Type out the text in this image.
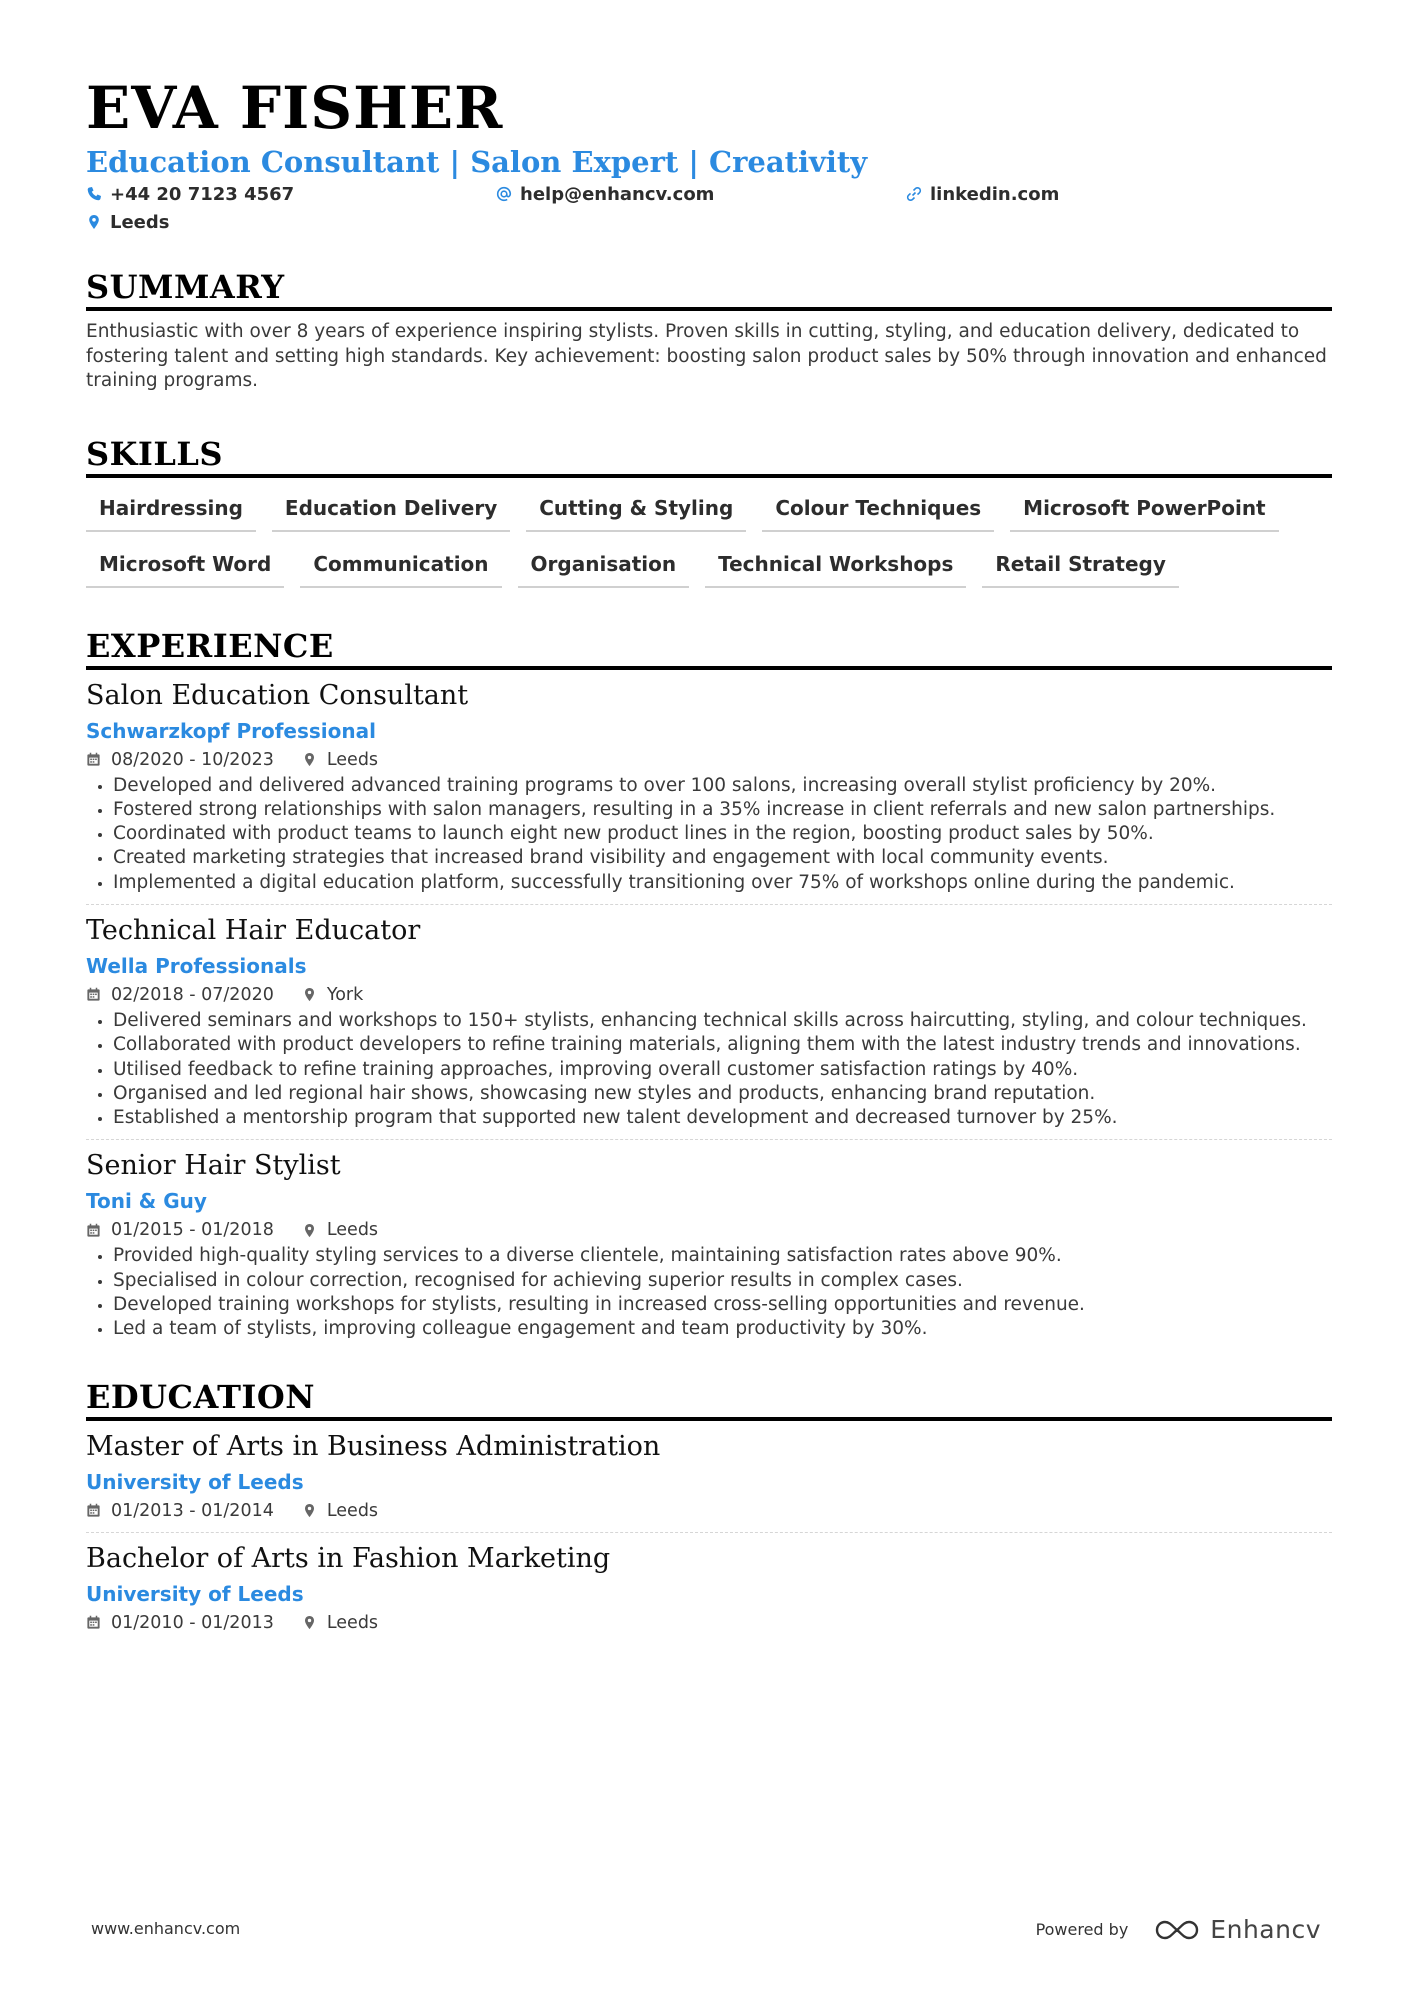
EVA FISHER
Education Consultant | Salon Expert | Creativity
+44 20 7123 4567	help@enhancv.com	linkedin.com
Leeds
SUMMARY
Enthusiastic with over 8 years of experience inspiring stylists. Proven skills in cutting, styling, and education delivery, dedicated to fostering talent and setting high standards. Key achievement: boosting salon product sales by 50% through innovation and enhanced training programs.
SKILLS
Hairdressing	Education Delivery	Cutting & Styling	Colour Techniques	Microsoft PowerPoint
Microsoft Word	Communication	Organisation	Technical Workshops	Retail Strategy
EXPERIENCE
Salon Education Consultant
Schwarzkopf Professional
08/2020 - 10/2023	Leeds
• Developed and delivered advanced training programs to over 100 salons, increasing overall stylist proficiency by 20%.
• Fostered strong relationships with salon managers, resulting in a 35% increase in client referrals and new salon partnerships.
• Coordinated with product teams to launch eight new product lines in the region, boosting product sales by 50%.
• Created marketing strategies that increased brand visibility and engagement with local community events.
• Implemented a digital education platform, successfully transitioning over 75% of workshops online during the pandemic.
Technical Hair Educator
Wella Professionals
02/2018 - 07/2020	York
• Delivered seminars and workshops to 150+ stylists, enhancing technical skills across haircutting, styling, and colour techniques.
• Collaborated with product developers to refine training materials, aligning them with the latest industry trends and innovations.
• Utilised feedback to refine training approaches, improving overall customer satisfaction ratings by 40%.
• Organised and led regional hair shows, showcasing new styles and products, enhancing brand reputation.
• Established a mentorship program that supported new talent development and decreased turnover by 25%.
Senior Hair Stylist
Toni & Guy
01/2015 - 01/2018	Leeds
• Provided high-quality styling services to a diverse clientele, maintaining satisfaction rates above 90%.
• Specialised in colour correction, recognised for achieving superior results in complex cases.
• Developed training workshops for stylists, resulting in increased cross-selling opportunities and revenue.
• Led a team of stylists, improving colleague engagement and team productivity by 30%.
EDUCATION
Master of Arts in Business Administration
University of Leeds
01/2013 - 01/2014	Leeds
Bachelor of Arts in Fashion Marketing
University of Leeds
01/2010 - 01/2013	Leeds
www.enhancv.com	Powered by	Enhancv
